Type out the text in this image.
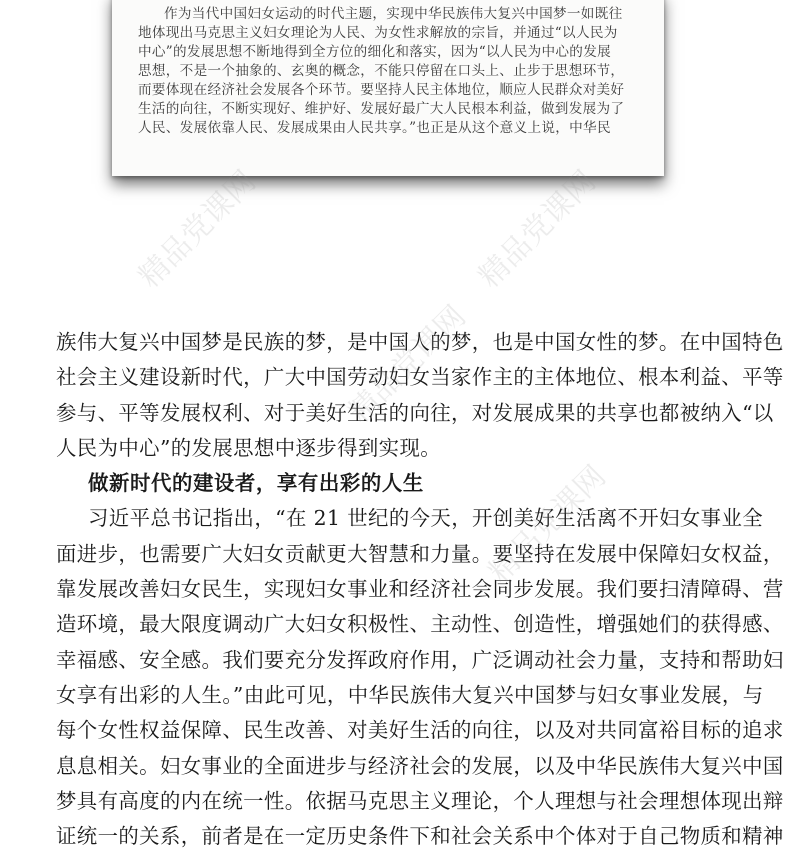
作为当代中国妇女运动的时代主题，实现中华民族伟大复兴中国梦一如既往
地体现出马克思主义妇女理论为人民、为女性求解放的宗旨，并通过“以人民为
中心”的发展思想不断地得到全方位的细化和落实，因为“以人民为中心的发展
思想，不是一个抽象的、玄奥的概念，不能只停留在口头上、止步于思想环节，
而要体现在经济社会发展各个环节。要坚持人民主体地位，顺应人民群众对美好
生活的向往，不断实现好、维护好、发展好最广大人民根本利益，做到发展为了
人民、发展依靠人民、发展成果由人民共享。”也正是从这个意义上说，中华民
精品党课网	精品党课网
精品党课网
精品党课网
族伟大复兴中国梦是民族的梦，是中国人的梦，也是中国女性的梦。在中国特色
社会主义建设新时代，广大中国劳动妇女当家作主的主体地位、根本利益、平等
参与、平等发展权利、对于美好生活的向往，对发展成果的共享也都被纳入“以
人民为中心”的发展思想中逐步得到实现。
做新时代的建设者，享有出彩的人生
习近平总书记指出，“在 21 世纪的今天，开创美好生活离不开妇女事业全
面进步，也需要广大妇女贡献更大智慧和力量。要坚持在发展中保障妇女权益，
靠发展改善妇女民生，实现妇女事业和经济社会同步发展。我们要扫清障碍、营
造环境，最大限度调动广大妇女积极性、主动性、创造性，增强她们的获得感、
幸福感、安全感。我们要充分发挥政府作用，广泛调动社会力量，支持和帮助妇
女享有出彩的人生。”由此可见，中华民族伟大复兴中国梦与妇女事业发展，与
每个女性权益保障、民生改善、对美好生活的向往，以及对共同富裕目标的追求
息息相关。妇女事业的全面进步与经济社会的发展，以及中华民族伟大复兴中国
梦具有高度的内在统一性。依据马克思主义理论，个人理想与社会理想体现出辩
证统一的关系，前者是在一定历史条件下和社会关系中个体对于自己物质和精神
